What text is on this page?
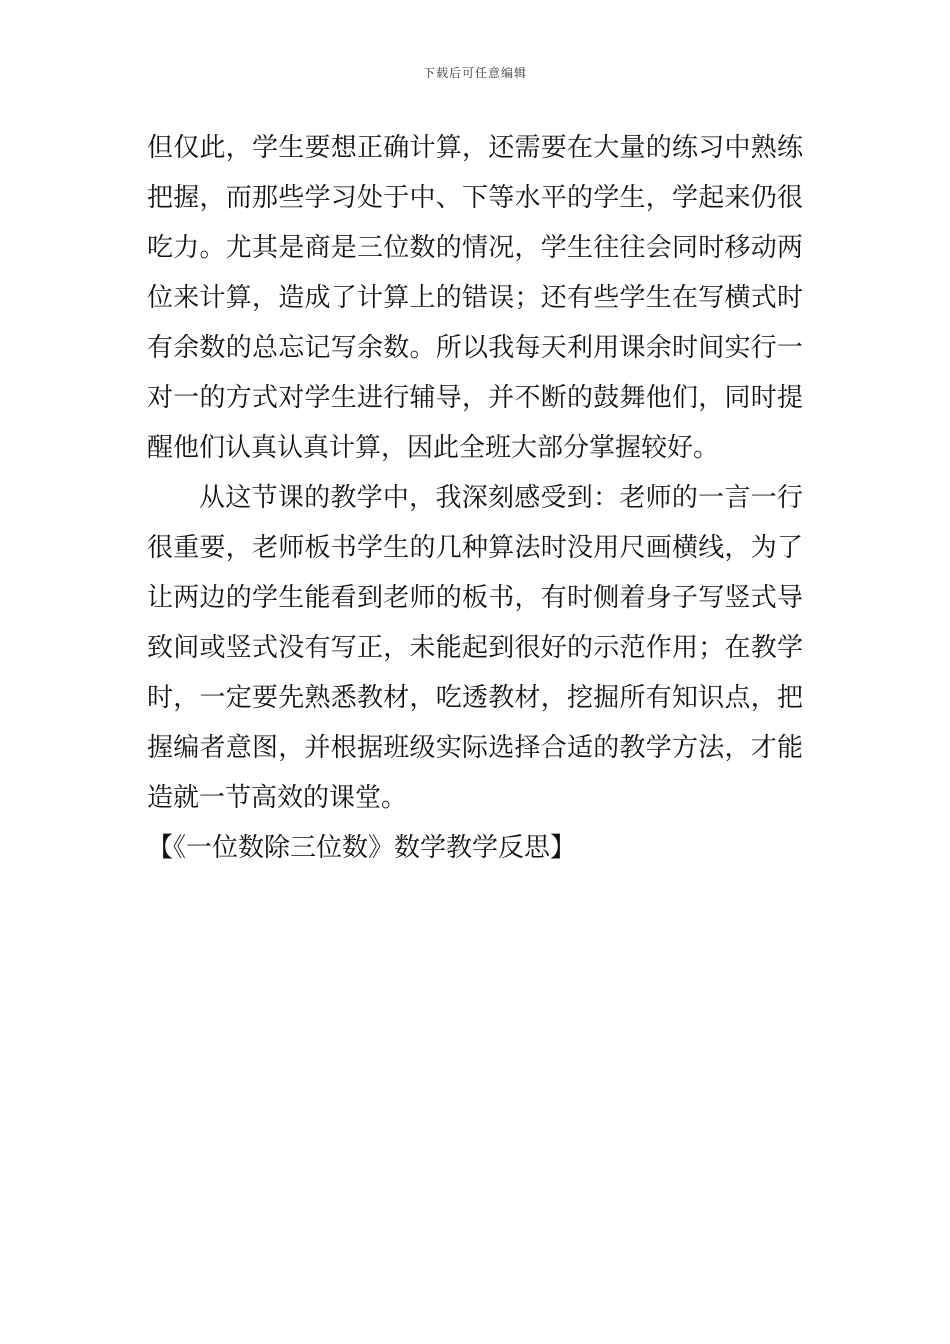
下载后可任意编辑
但仅此，学生要想正确计算，还需要在大量的练习中熟练
把握，而那些学习处于中、下等水平的学生，学起来仍很
吃力。尤其是商是三位数的情况，学生往往会同时移动两
位来计算，造成了计算上的错误；还有些学生在写横式时
有余数的总忘记写余数。所以我每天利用课余时间实行一
对一的方式对学生进行辅导，并不断的鼓舞他们，同时提
醒他们认真认真计算，因此全班大部分掌握较好。
从这节课的教学中，我深刻感受到：老师的一言一行
很重要，老师板书学生的几种算法时没用尺画横线，为了
让两边的学生能看到老师的板书，有时侧着身子写竖式导
致间或竖式没有写正，未能起到很好的示范作用；在教学
时，一定要先熟悉教材，吃透教材，挖掘所有知识点，把
握编者意图，并根据班级实际选择合适的教学方法，才能
造就一节高效的课堂。
【《一位数除三位数》数学教学反思】
